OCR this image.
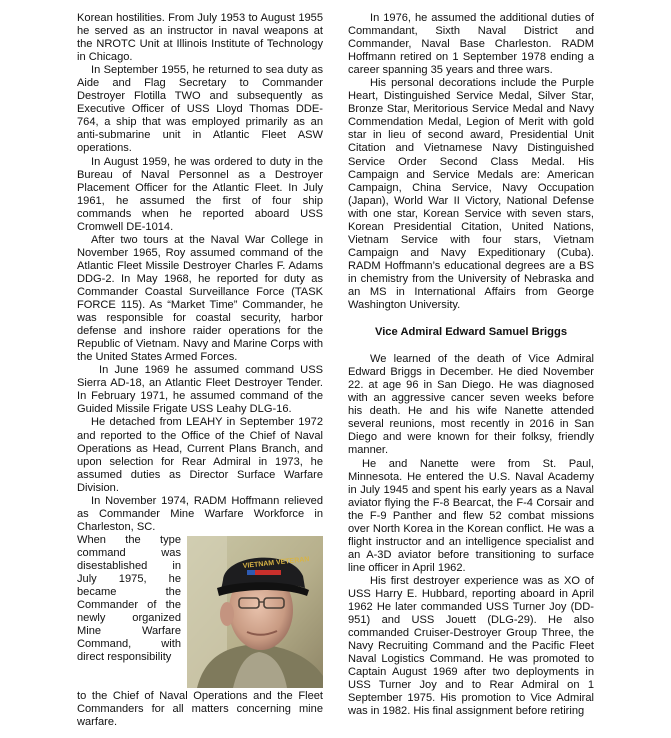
Korean hostilities. From July 1953 to August 1955 he served as an instructor in naval weapons at the NROTC Unit at Illinois Institute of Technology in Chicago.

In September 1955, he returned to sea duty as Aide and Flag Secretary to Commander Destroyer Flotilla TWO and subsequently as Executive Officer of USS Lloyd Thomas DDE-764, a ship that was employed primarily as an anti-submarine unit in Atlantic Fleet ASW operations.

In August 1959, he was ordered to duty in the Bureau of Naval Personnel as a Destroyer Placement Officer for the Atlantic Fleet. In July 1961, he assumed the first of four ship commands when he reported aboard USS Cromwell DE-1014.

After two tours at the Naval War College in November 1965, Roy assumed command of the Atlantic Fleet Missile Destroyer Charles F. Adams DDG-2. In May 1968, he reported for duty as Commander Coastal Surveillance Force (TASK FORCE 115). As “Market Time” Commander, he was responsible for coastal security, harbor defense and inshore raider operations for the Republic of Vietnam. Navy and Marine Corps with the United States Armed Forces.

In June 1969 he assumed command USS Sierra AD-18, an Atlantic Fleet Destroyer Tender. In February 1971, he assumed command of the Guided Missile Frigate USS Leahy DLG-16.

He detached from LEAHY in September 1972 and reported to the Office of the Chief of Naval Operations as Head, Current Plans Branch, and upon selection for Rear Admiral in 1973, he assumed duties as Director Surface Warfare Division.

In November 1974, RADM Hoffmann relieved as Commander Mine Warfare Workforce in Charleston, SC.

VIETNAM VETERAN

When the type command was disestablished in July 1975, he became the Commander of the newly organized Mine Warfare Command, with direct responsibility

to the Chief of Naval Operations and the Fleet Commanders for all matters concerning mine warfare.

In 1976, he assumed the additional duties of Commandant, Sixth Naval District and Commander, Naval Base Charleston. RADM Hoffmann retired on 1 September 1978 ending a career spanning 35 years and three wars.

His personal decorations include the Purple Heart, Distinguished Service Medal, Silver Star, Bronze Star, Meritorious Service Medal and Navy Commendation Medal, Legion of Merit with gold star in lieu of second award, Presidential Unit Citation and Vietnamese Navy Distinguished Service Order Second Class Medal. His Campaign and Service Medals are: American Campaign, China Service, Navy Occupation (Japan), World War II Victory, National Defense with one star, Korean Service with seven stars, Korean Presidential Citation, United Nations, Vietnam Service with four stars, Vietnam Campaign and Navy Expeditionary (Cuba). RADM Hoffmann’s educational degrees are a BS in chemistry from the University of Nebraska and an MS in International Affairs from George Washington University.

Vice Admiral Edward Samuel Briggs

We learned of the death of Vice Admiral Edward Briggs in December. He died November 22. at age 96 in San Diego. He was diagnosed with an aggressive cancer seven weeks before his death. He and his wife Nanette attended several reunions, most recently in 2016 in San Diego and were known for their folksy, friendly manner.

He and Nanette were from St. Paul, Minnesota. He entered the U.S. Naval Academy in July 1945 and spent his early years as a Naval aviator flying the F-8 Bearcat, the F-4 Corsair and the F-9 Panther and flew 52 combat missions over North Korea in the Korean conflict. He was a flight instructor and an intelligence specialist and an A-3D aviator before transitioning to surface line officer in April 1962.

His first destroyer experience was as XO of USS Harry E. Hubbard, reporting aboard in April 1962 He later commanded USS Turner Joy (DD-951) and USS Jouett (DLG-29). He also commanded Cruiser-Destroyer Group Three, the Navy Recruiting Command and the Pacific Fleet Naval Logistics Command. He was promoted to Captain August 1969 after two deployments in USS Turner Joy and to Rear Admiral on 1 September 1975. His promotion to Vice Admiral was in 1982. His final assignment before retiring
